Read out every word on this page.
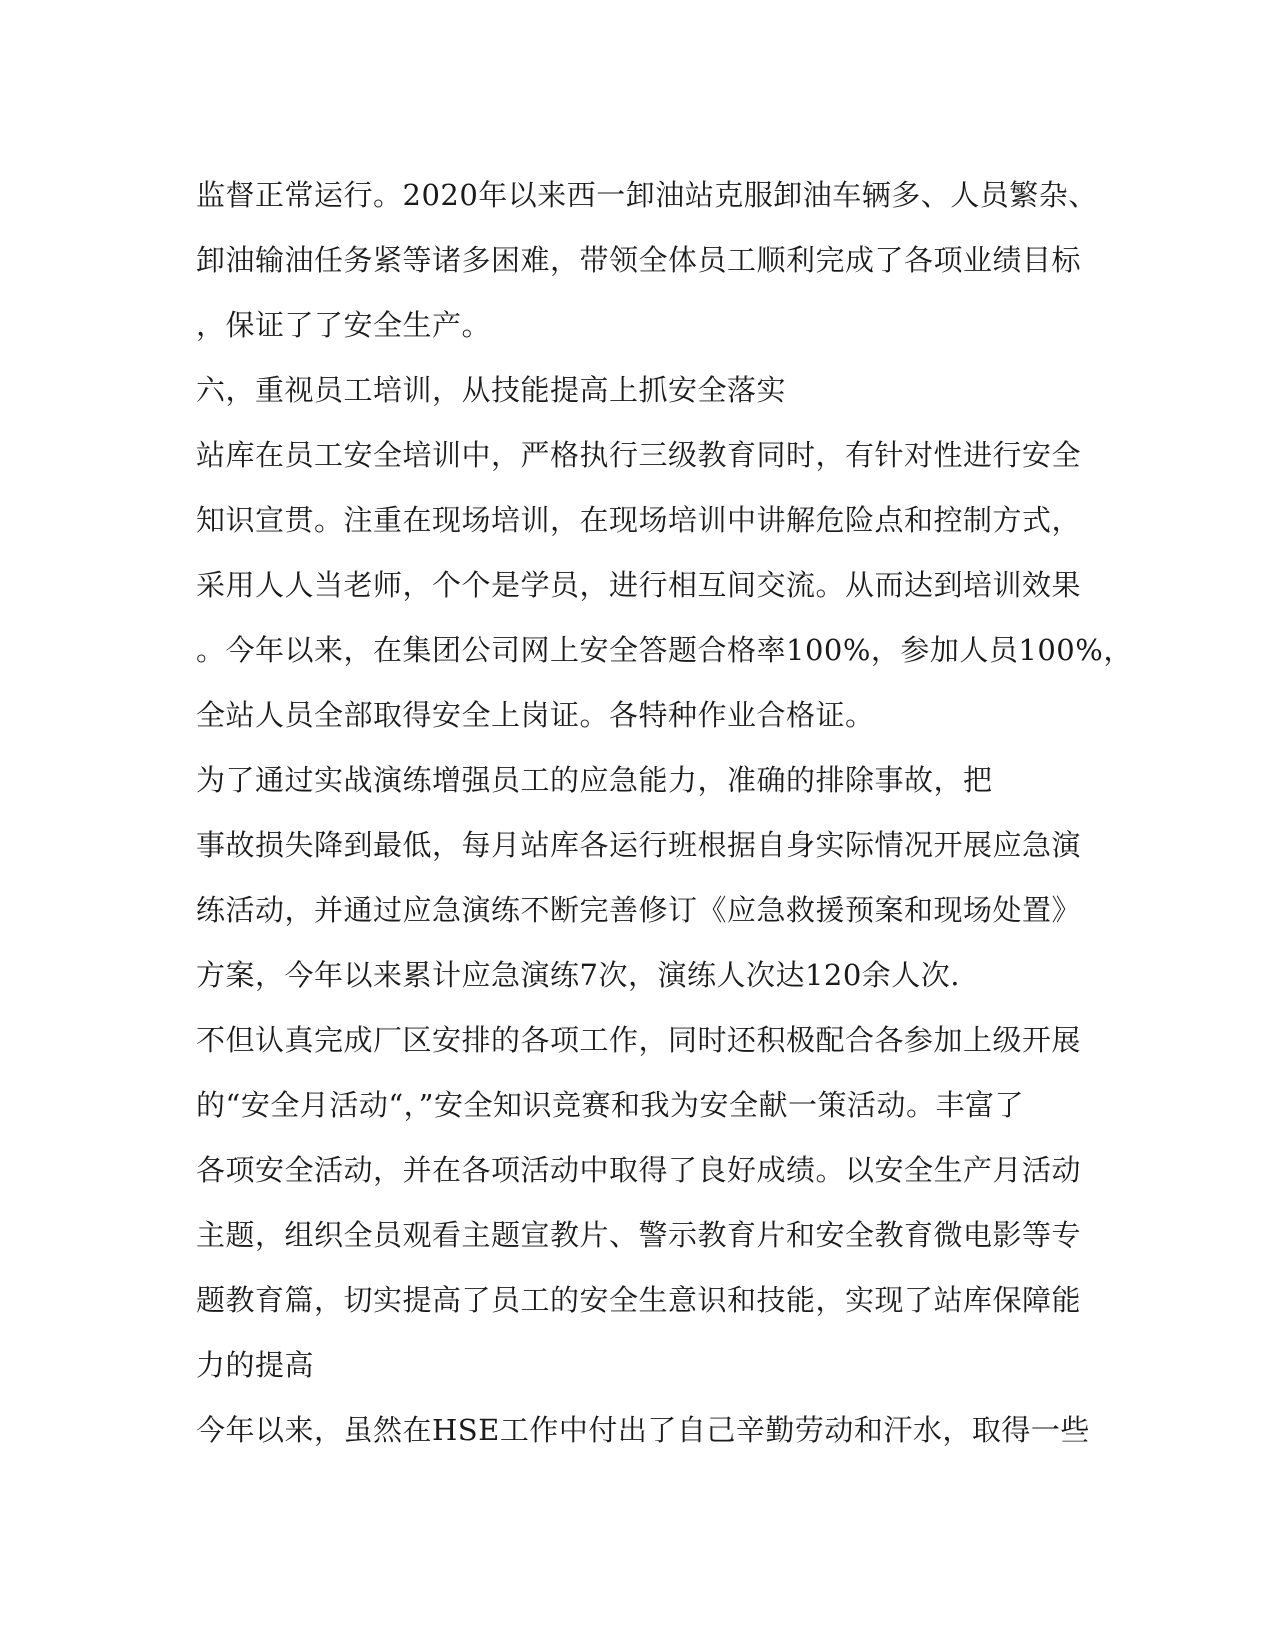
监督正常运行。2020年以来西一卸油站克服卸油车辆多、人员繁杂、
卸油输油任务紧等诸多困难，带领全体员工顺利完成了各项业绩目标
，保证了了安全生产。
六，重视员工培训，从技能提高上抓安全落实
站库在员工安全培训中，严格执行三级教育同时，有针对性进行安全
知识宣贯。注重在现场培训，在现场培训中讲解危险点和控制方式，
采用人人当老师，个个是学员，进行相互间交流。从而达到培训效果
。今年以来，在集团公司网上安全答题合格率100%，参加人员100%，
全站人员全部取得安全上岗证。各特种作业合格证。
为了通过实战演练增强员工的应急能力，准确的排除事故，把
事故损失降到最低，每月站库各运行班根据自身实际情况开展应急演
练活动，并通过应急演练不断完善修订《应急救援预案和现场处置》
方案，今年以来累计应急演练7次，演练人次达120余人次.
不但认真完成厂区安排的各项工作，同时还积极配合各参加上级开展
的“安全月活动“，”安全知识竞赛和我为安全献一策活动。丰富了
各项安全活动，并在各项活动中取得了良好成绩。以安全生产月活动
主题，组织全员观看主题宣教片、警示教育片和安全教育微电影等专
题教育篇，切实提高了员工的安全生意识和技能，实现了站库保障能
力的提高
今年以来，虽然在HSE工作中付出了自己辛勤劳动和汗水，取得一些
